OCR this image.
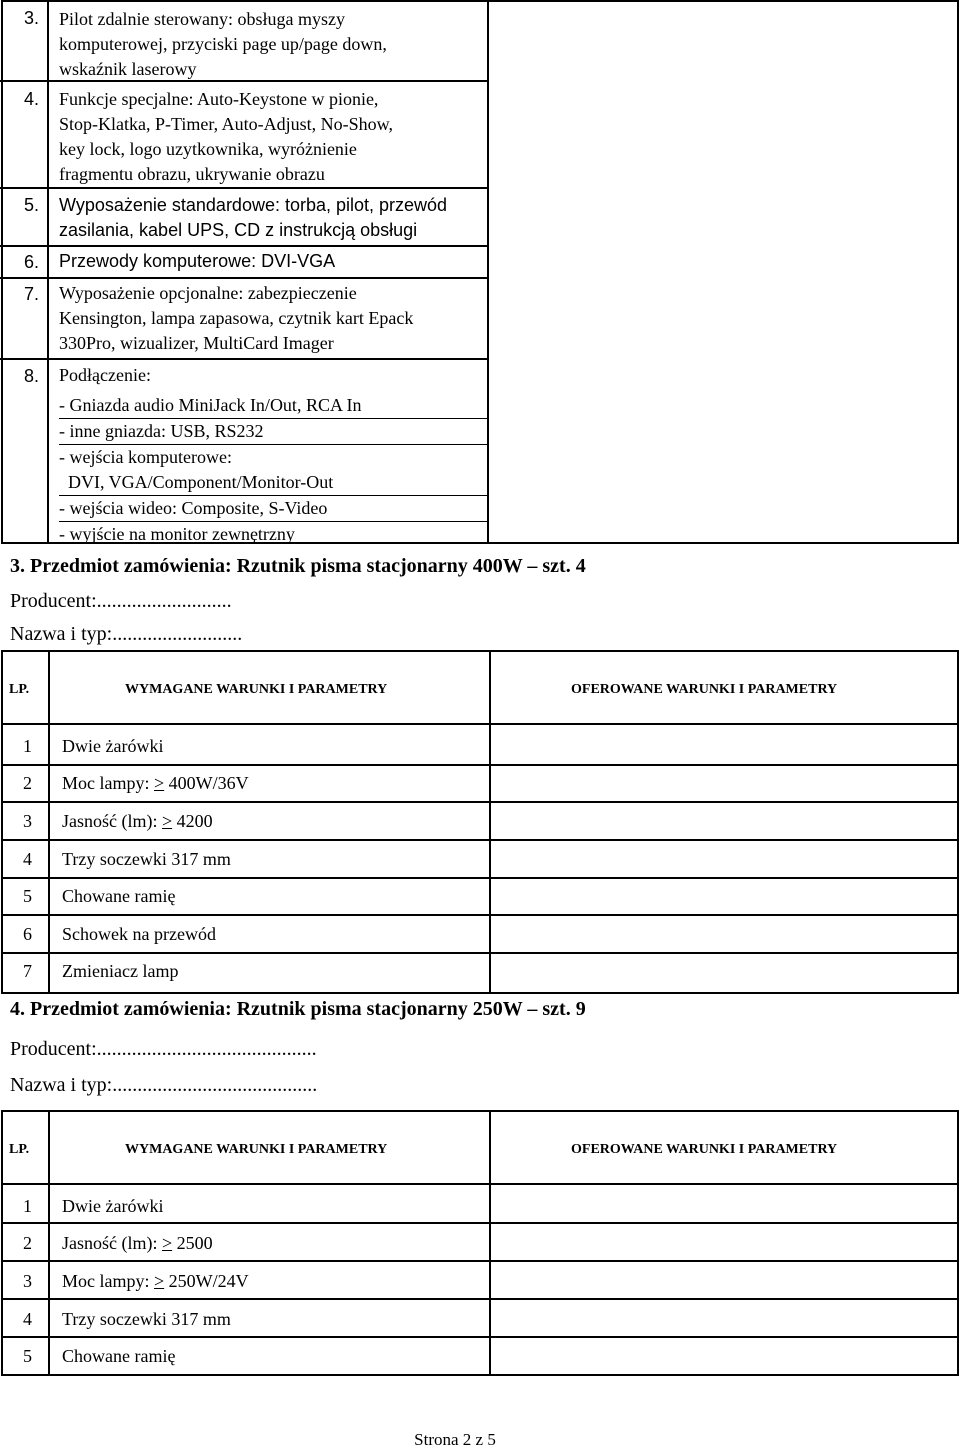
3. Pilot zdalnie sterowany: obsługa myszy
komputerowej, przyciski page up/page down,
wskaźnik laserowy
4. Funkcje specjalne: Auto-Keystone w pionie,
Stop-Klatka, P-Timer, Auto-Adjust, No-Show,
key lock, logo uzytkownika, wyróżnienie
fragmentu obrazu, ukrywanie obrazu
5. Wyposażenie standardowe: torba, pilot, przewód
zasilania, kabel UPS, CD z instrukcją obsługi
6. Przewody komputerowe: DVI-VGA
7. Wyposażenie opcjonalne: zabezpieczenie
Kensington, lampa zapasowa, czytnik kart Epack
330Pro, wizualizer, MultiCard Imager
8. Podłączenie:
- Gniazda audio MiniJack In/Out, RCA In
- inne gniazda: USB, RS232
- wejścia komputerowe:
DVI, VGA/Component/Monitor-Out
- wejścia wideo: Composite, S-Video
- wyjście na monitor zewnętrzny
3. Przedmiot zamówienia: Rzutnik pisma stacjonarny 400W – szt. 4
Producent:...........................
Nazwa i typ:..........................
LP.	WYMAGANE WARUNKI I PARAMETRY	OFEROWANE WARUNKI I PARAMETRY
1 Dwie żarówki
2 Moc lampy: > 400W/36V
3 Jasność (lm): > 4200
4 Trzy soczewki 317 mm
5 Chowane ramię
6 Schowek na przewód
7 Zmieniacz lamp
4. Przedmiot zamówienia: Rzutnik pisma stacjonarny 250W – szt. 9
Producent:............................................
Nazwa i typ:.........................................
LP.	WYMAGANE WARUNKI I PARAMETRY	OFEROWANE WARUNKI I PARAMETRY
1 Dwie żarówki
2 Jasność (lm): > 2500
3 Moc lampy: > 250W/24V
4 Trzy soczewki 317 mm
5 Chowane ramię
Strona 2 z 5
